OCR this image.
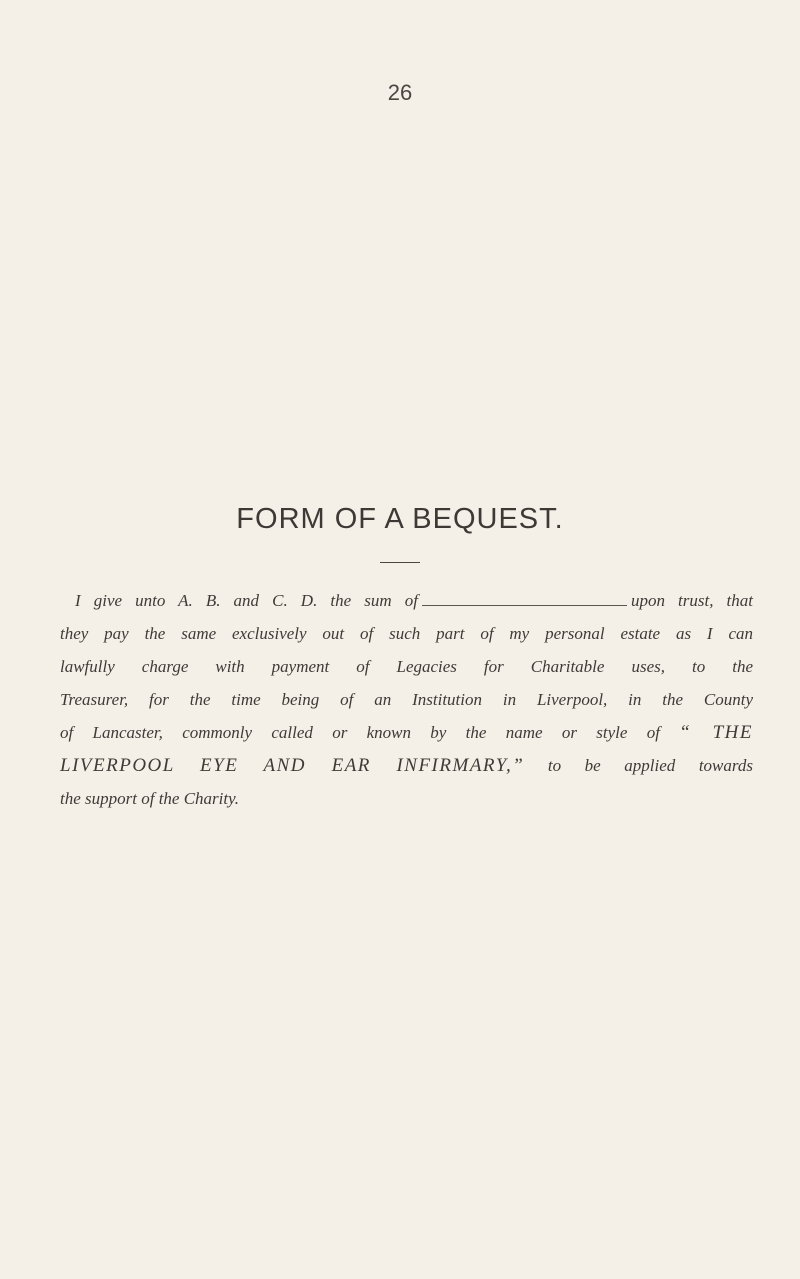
26
FORM OF A BEQUEST.
I give unto A. B. and C. D. the sum of	upon trust, that
they pay the same exclusively out of such part of my personal estate as I can
lawfully charge with payment of Legacies for Charitable uses, to the
Treasurer, for the time being of an Institution in Liverpool, in the County
of Lancaster, commonly called or known by the name or style of “ THE
LIVERPOOL EYE AND EAR INFIRMARY,” to be applied towards
the support of the Charity.
